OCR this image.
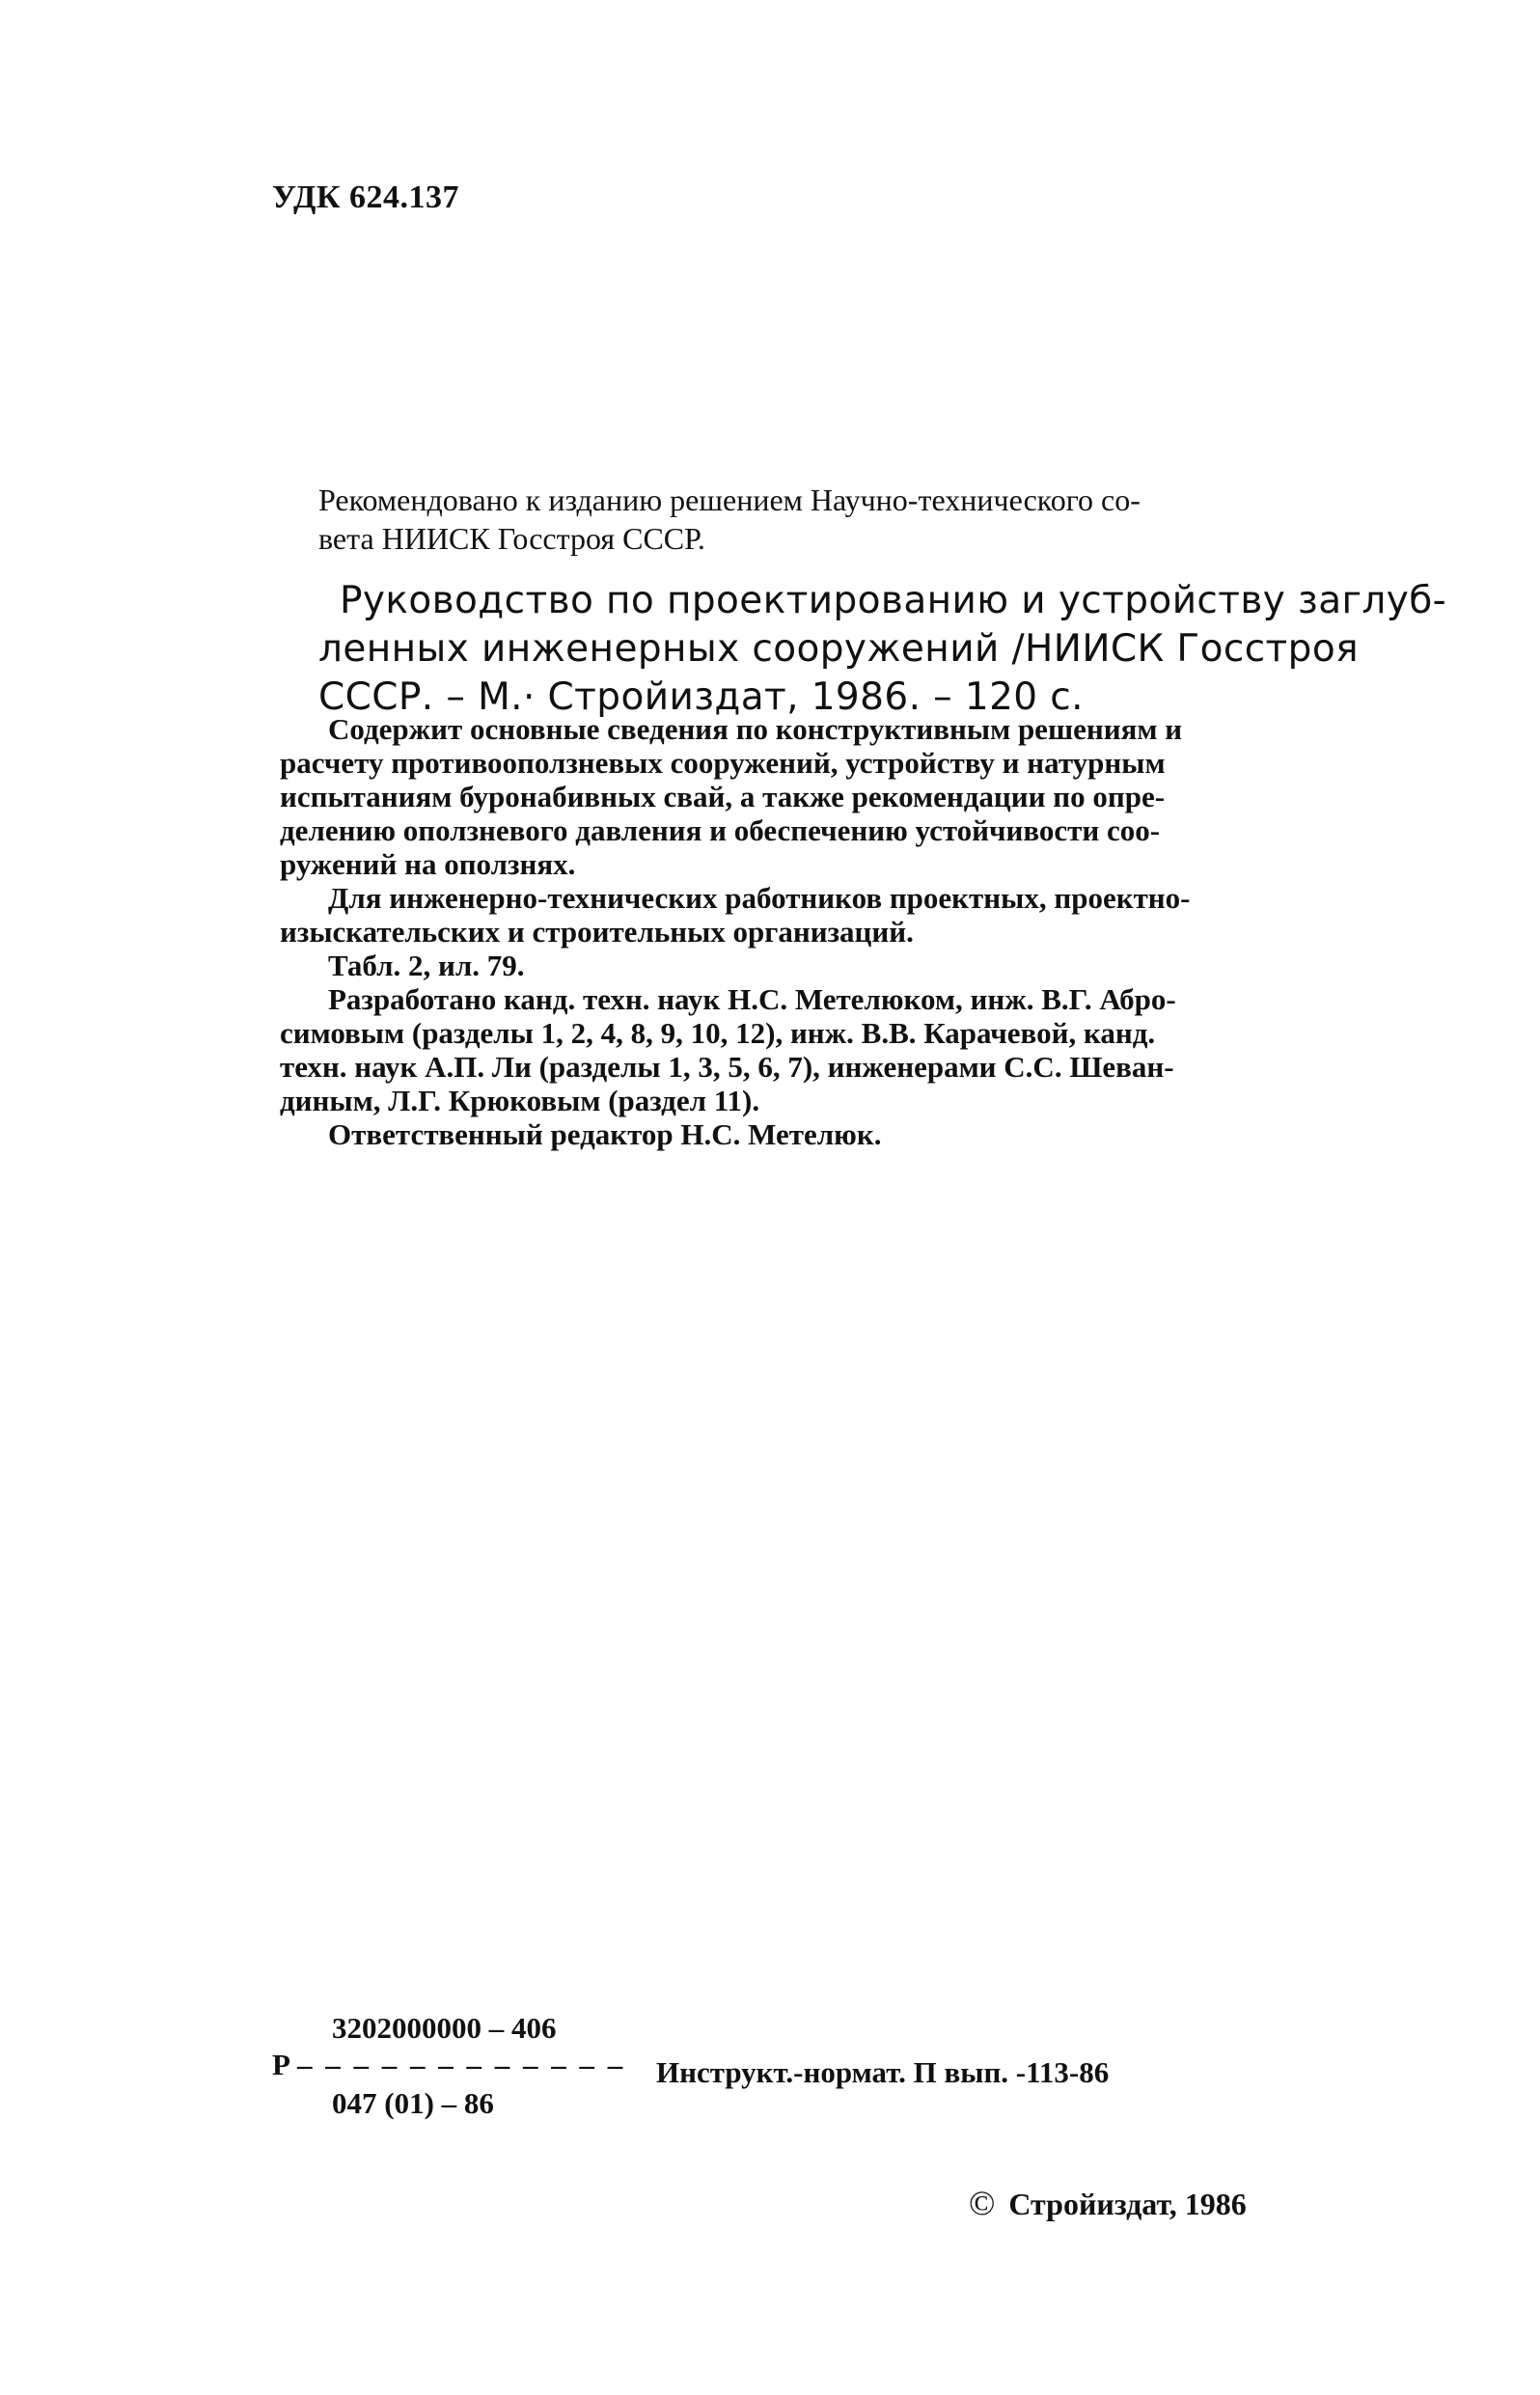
УДК 624.137
Рекомендовано к изданию решением Научно-технического со-
вета НИИСК Госстроя СССР.
Руководство по проектированию и устройству заглуб-
ленных инженерных сооружений /НИИСК Госстроя
СССР. – М.· Стройиздат, 1986. – 120 с.
Содержит основные сведения по конструктивным решениям и
расчету противооползневых сооружений, устройству и натурным
испытаниям буронабивных свай, а также рекомендации по опре-
делению оползневого давления и обеспечению устойчивости соо-
ружений на оползнях.
Для инженерно-технических работников проектных, проектно-
изыскательских и строительных организаций.
Табл. 2, ил. 79.
Разработано канд. техн. наук Н.С. Метелюком, инж. В.Г. Абро-
симовым (разделы 1, 2, 4, 8, 9, 10, 12), инж. В.В. Карачевой, канд.
техн. наук А.П. Ли (разделы 1, 3, 5, 6, 7), инженерами С.С. Шеван-
диным, Л.Г. Крюковым (раздел 11).
Ответственный редактор Н.С. Метелюк.
3202000000 – 406
Р – – – – – – – – – – – –
047 (01) – 86
Инструкт.-нормат. П вып. -113-86
© Стройиздат, 1986
